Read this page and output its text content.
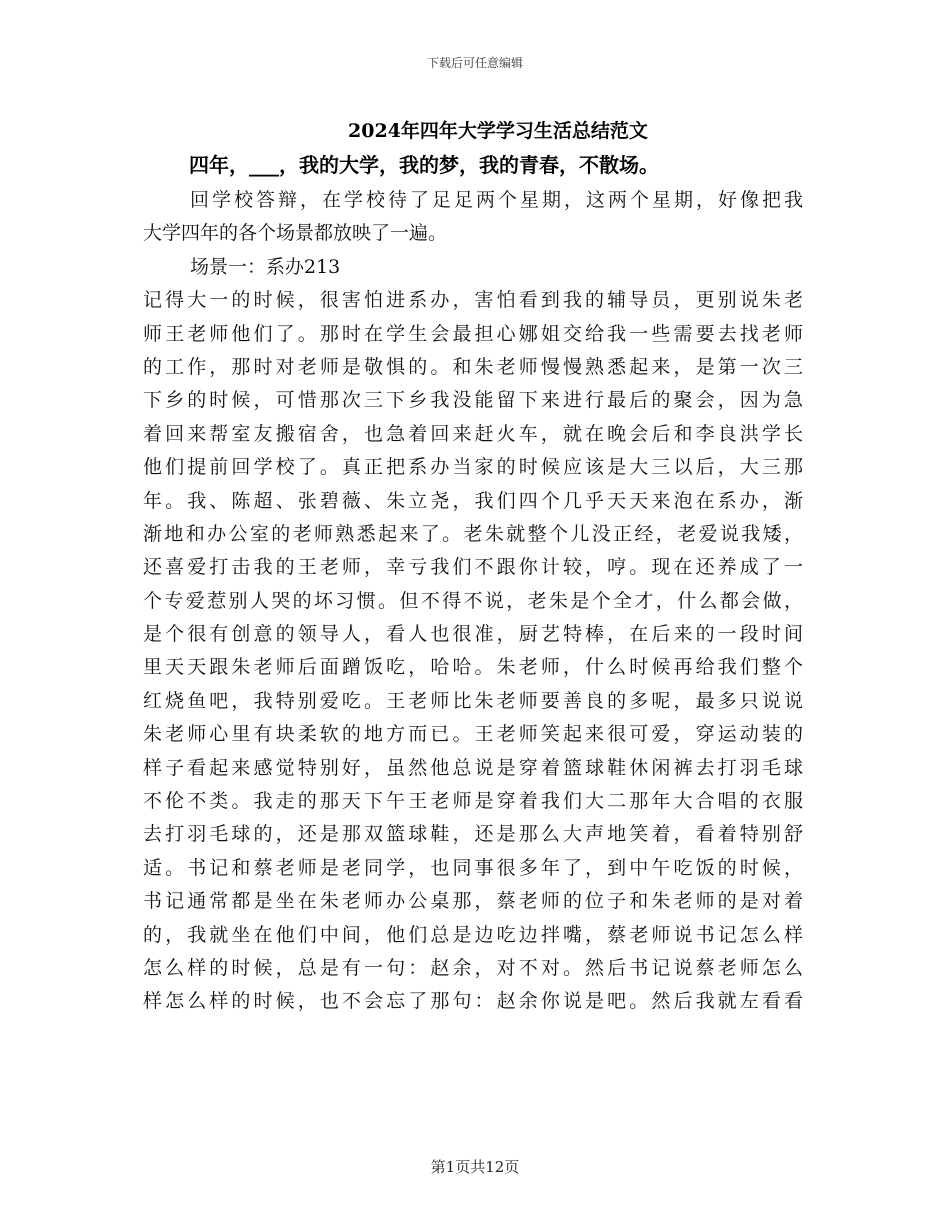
下载后可任意编辑
2024年四年大学学习生活总结范文
四年，___，我的大学，我的梦，我的青春，不散场。
回学校答辩，在学校待了足足两个星期，这两个星期，好像把我
大学四年的各个场景都放映了一遍。
场景一：系办213
记得大一的时候，很害怕进系办，害怕看到我的辅导员，更别说朱老
师王老师他们了。那时在学生会最担心娜姐交给我一些需要去找老师
的工作，那时对老师是敬惧的。和朱老师慢慢熟悉起来，是第一次三
下乡的时候，可惜那次三下乡我没能留下来进行最后的聚会，因为急
着回来帮室友搬宿舍，也急着回来赶火车，就在晚会后和李良洪学长
他们提前回学校了。真正把系办当家的时候应该是大三以后，大三那
年。我、陈超、张碧薇、朱立尧，我们四个几乎天天来泡在系办，渐
渐地和办公室的老师熟悉起来了。老朱就整个儿没正经，老爱说我矮，
还喜爱打击我的王老师，幸亏我们不跟你计较，哼。现在还养成了一
个专爱惹别人哭的坏习惯。但不得不说，老朱是个全才，什么都会做，
是个很有创意的领导人，看人也很准，厨艺特棒，在后来的一段时间
里天天跟朱老师后面蹭饭吃，哈哈。朱老师，什么时候再给我们整个
红烧鱼吧，我特别爱吃。王老师比朱老师要善良的多呢，最多只说说
朱老师心里有块柔软的地方而已。王老师笑起来很可爱，穿运动装的
样子看起来感觉特别好，虽然他总说是穿着篮球鞋休闲裤去打羽毛球
不伦不类。我走的那天下午王老师是穿着我们大二那年大合唱的衣服
去打羽毛球的，还是那双篮球鞋，还是那么大声地笑着，看着特别舒
适。书记和蔡老师是老同学，也同事很多年了，到中午吃饭的时候，
书记通常都是坐在朱老师办公桌那，蔡老师的位子和朱老师的是对着
的，我就坐在他们中间，他们总是边吃边拌嘴，蔡老师说书记怎么样
怎么样的时候，总是有一句：赵余，对不对。然后书记说蔡老师怎么
样怎么样的时候，也不会忘了那句：赵余你说是吧。然后我就左看看
第1页共12页
